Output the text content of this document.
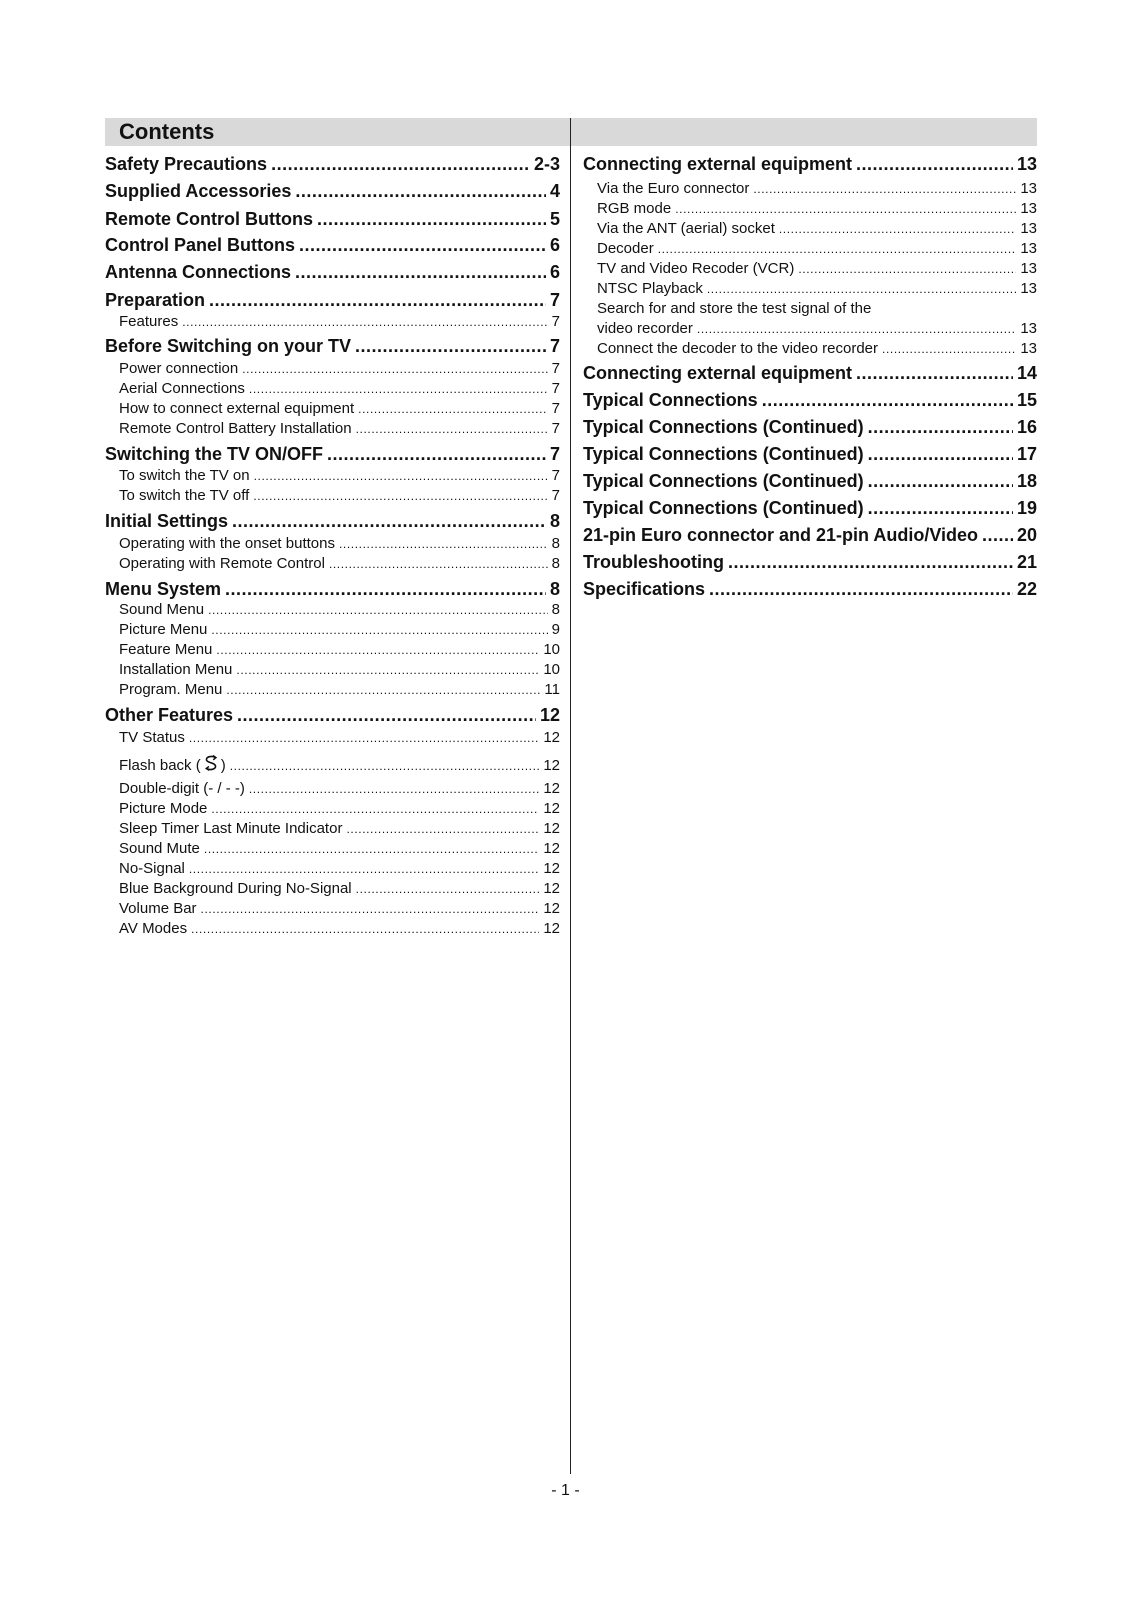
Contents
Safety Precautions .....	2-3
Supplied Accessories .....	4
Remote Control Buttons .....	5
Control Panel Buttons .....	6
Antenna Connections .....	6
Preparation .....	7
Features .....	7
Before Switching on your TV .....	7
Power connection .....	7
Aerial Connections .....	7
How to connect external equipment .....	7
Remote Control Battery Installation .....	7
Switching the TV ON/OFF .....	7
To switch the TV on .....	7
To switch the TV off .....	7
Initial Settings .....	8
Operating with the onset buttons .....	8
Operating with Remote Control .....	8
Menu System .....	8
Sound Menu .....	8
Picture Menu .....	9
Feature Menu .....	10
Installation Menu .....	10
Program. Menu .....	11
Other Features .....	12
TV Status .....	12
Flash back ( ) .....	12
Double-digit (- / - -) .....	12
Picture Mode .....	12
Sleep Timer Last Minute Indicator .....	12
Sound Mute .....	12
No-Signal .....	12
Blue Background During No-Signal .....	12
Volume Bar .....	12
AV Modes .....	12
Connecting external equipment .....	13
Via the Euro connector .....	13
RGB mode .....	13
Via the ANT (aerial) socket .....	13
Decoder .....	13
TV and Video Recoder (VCR) .....	13
NTSC Playback .....	13
Search for and store the test signal of the
video recorder .....	13
Connect the decoder to the video recorder .....	13
Connecting external equipment .....	14
Typical Connections .....	15
Typical Connections (Continued) .....	16
Typical Connections (Continued) .....	17
Typical Connections (Continued) .....	18
Typical Connections (Continued) .....	19
21-pin Euro connector and 21-pin Audio/Video ..... 20
Troubleshooting .....	21
Specifications .....	22
- 1 -
